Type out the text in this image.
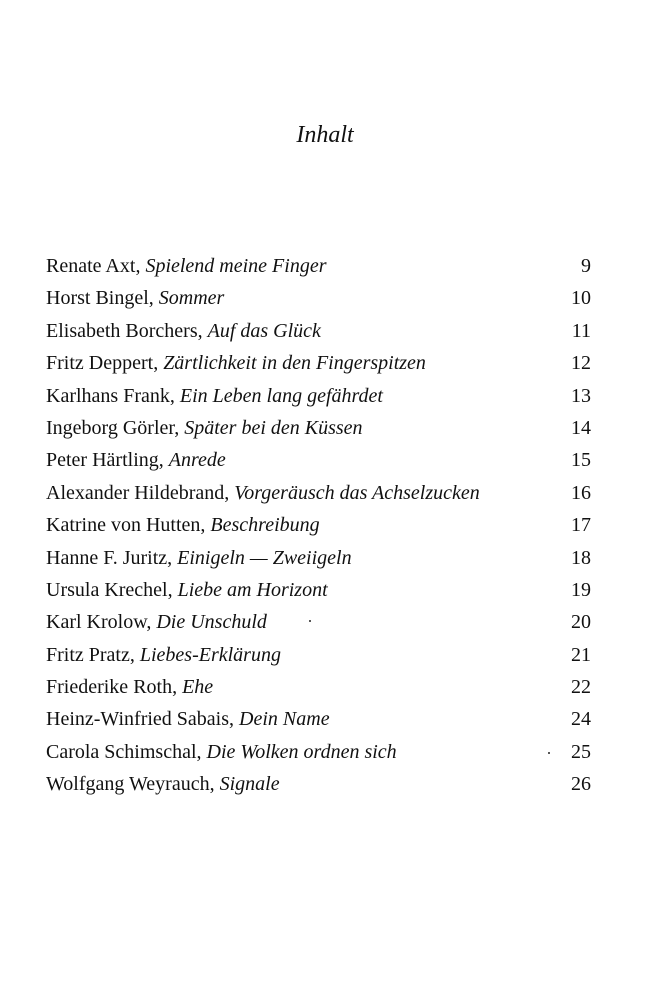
Inhalt
Renate Axt, Spielend meine Finger	9
Horst Bingel, Sommer	10
Elisabeth Borchers, Auf das Glück	11
Fritz Deppert, Zärtlichkeit in den Fingerspitzen	12
Karlhans Frank, Ein Leben lang gefährdet	13
Ingeborg Görler, Später bei den Küssen	14
Peter Härtling, Anrede	15
Alexander Hildebrand, Vorgeräusch das Achselzucken	16
Katrine von Hutten, Beschreibung	17
Hanne F. Juritz, Einigeln — Zweiigeln	18
Ursula Krechel, Liebe am Horizont	19
Karl Krolow, Die Unschuld	20
Fritz Pratz, Liebes-Erklärung	21
Friederike Roth, Ehe	22
Heinz-Winfried Sabais, Dein Name	24
Carola Schimschal, Die Wolken ordnen sich	25
Wolfgang Weyrauch, Signale	26
